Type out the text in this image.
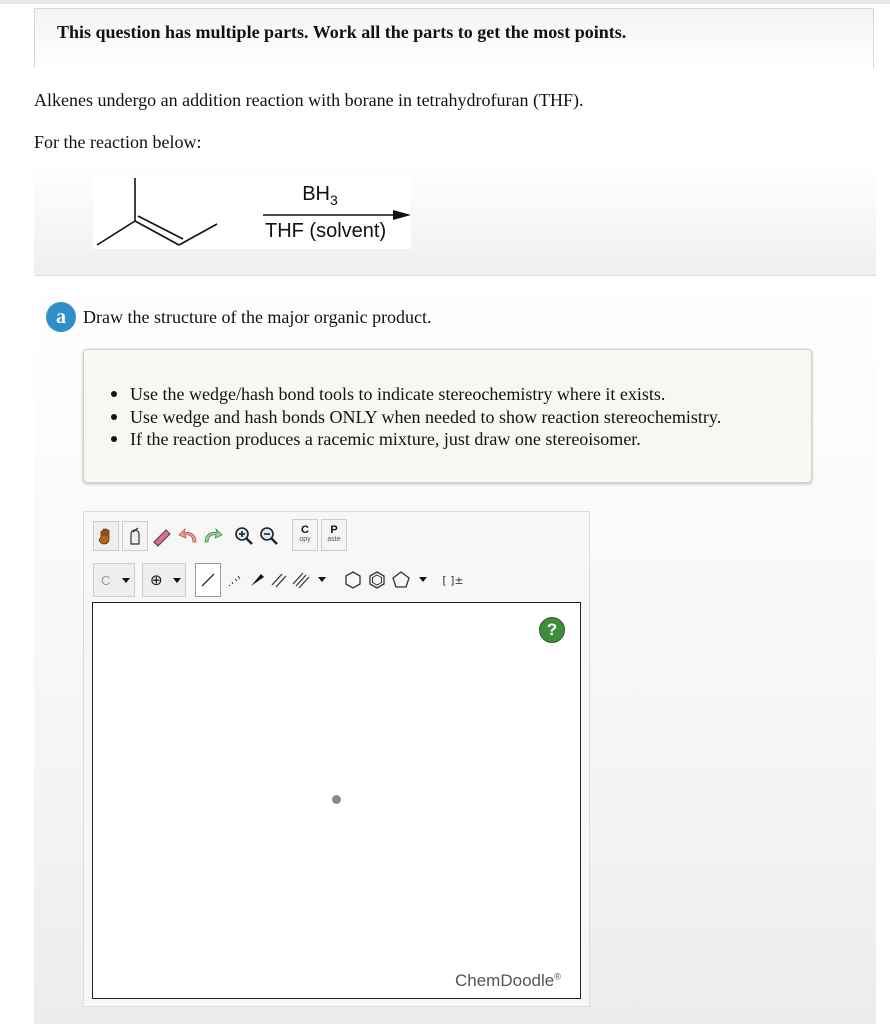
This question has multiple parts. Work all the parts to get the most points.
Alkenes undergo an addition reaction with borane in tetrahydrofuran (THF).
For the reaction below:
$BH_3$
THF (solvent)
a Draw the structure of the major organic product.
Use the wedge/hash bond tools to indicate stereochemistry where it exists.
Use wedge and hash bonds ONLY when needed to show reaction stereochemistry.
If the reaction produces a racemic mixture, just draw one stereoisomer.
C
opy
P
aste
C	⊕	[ ]±
?
ChemDoodle®
